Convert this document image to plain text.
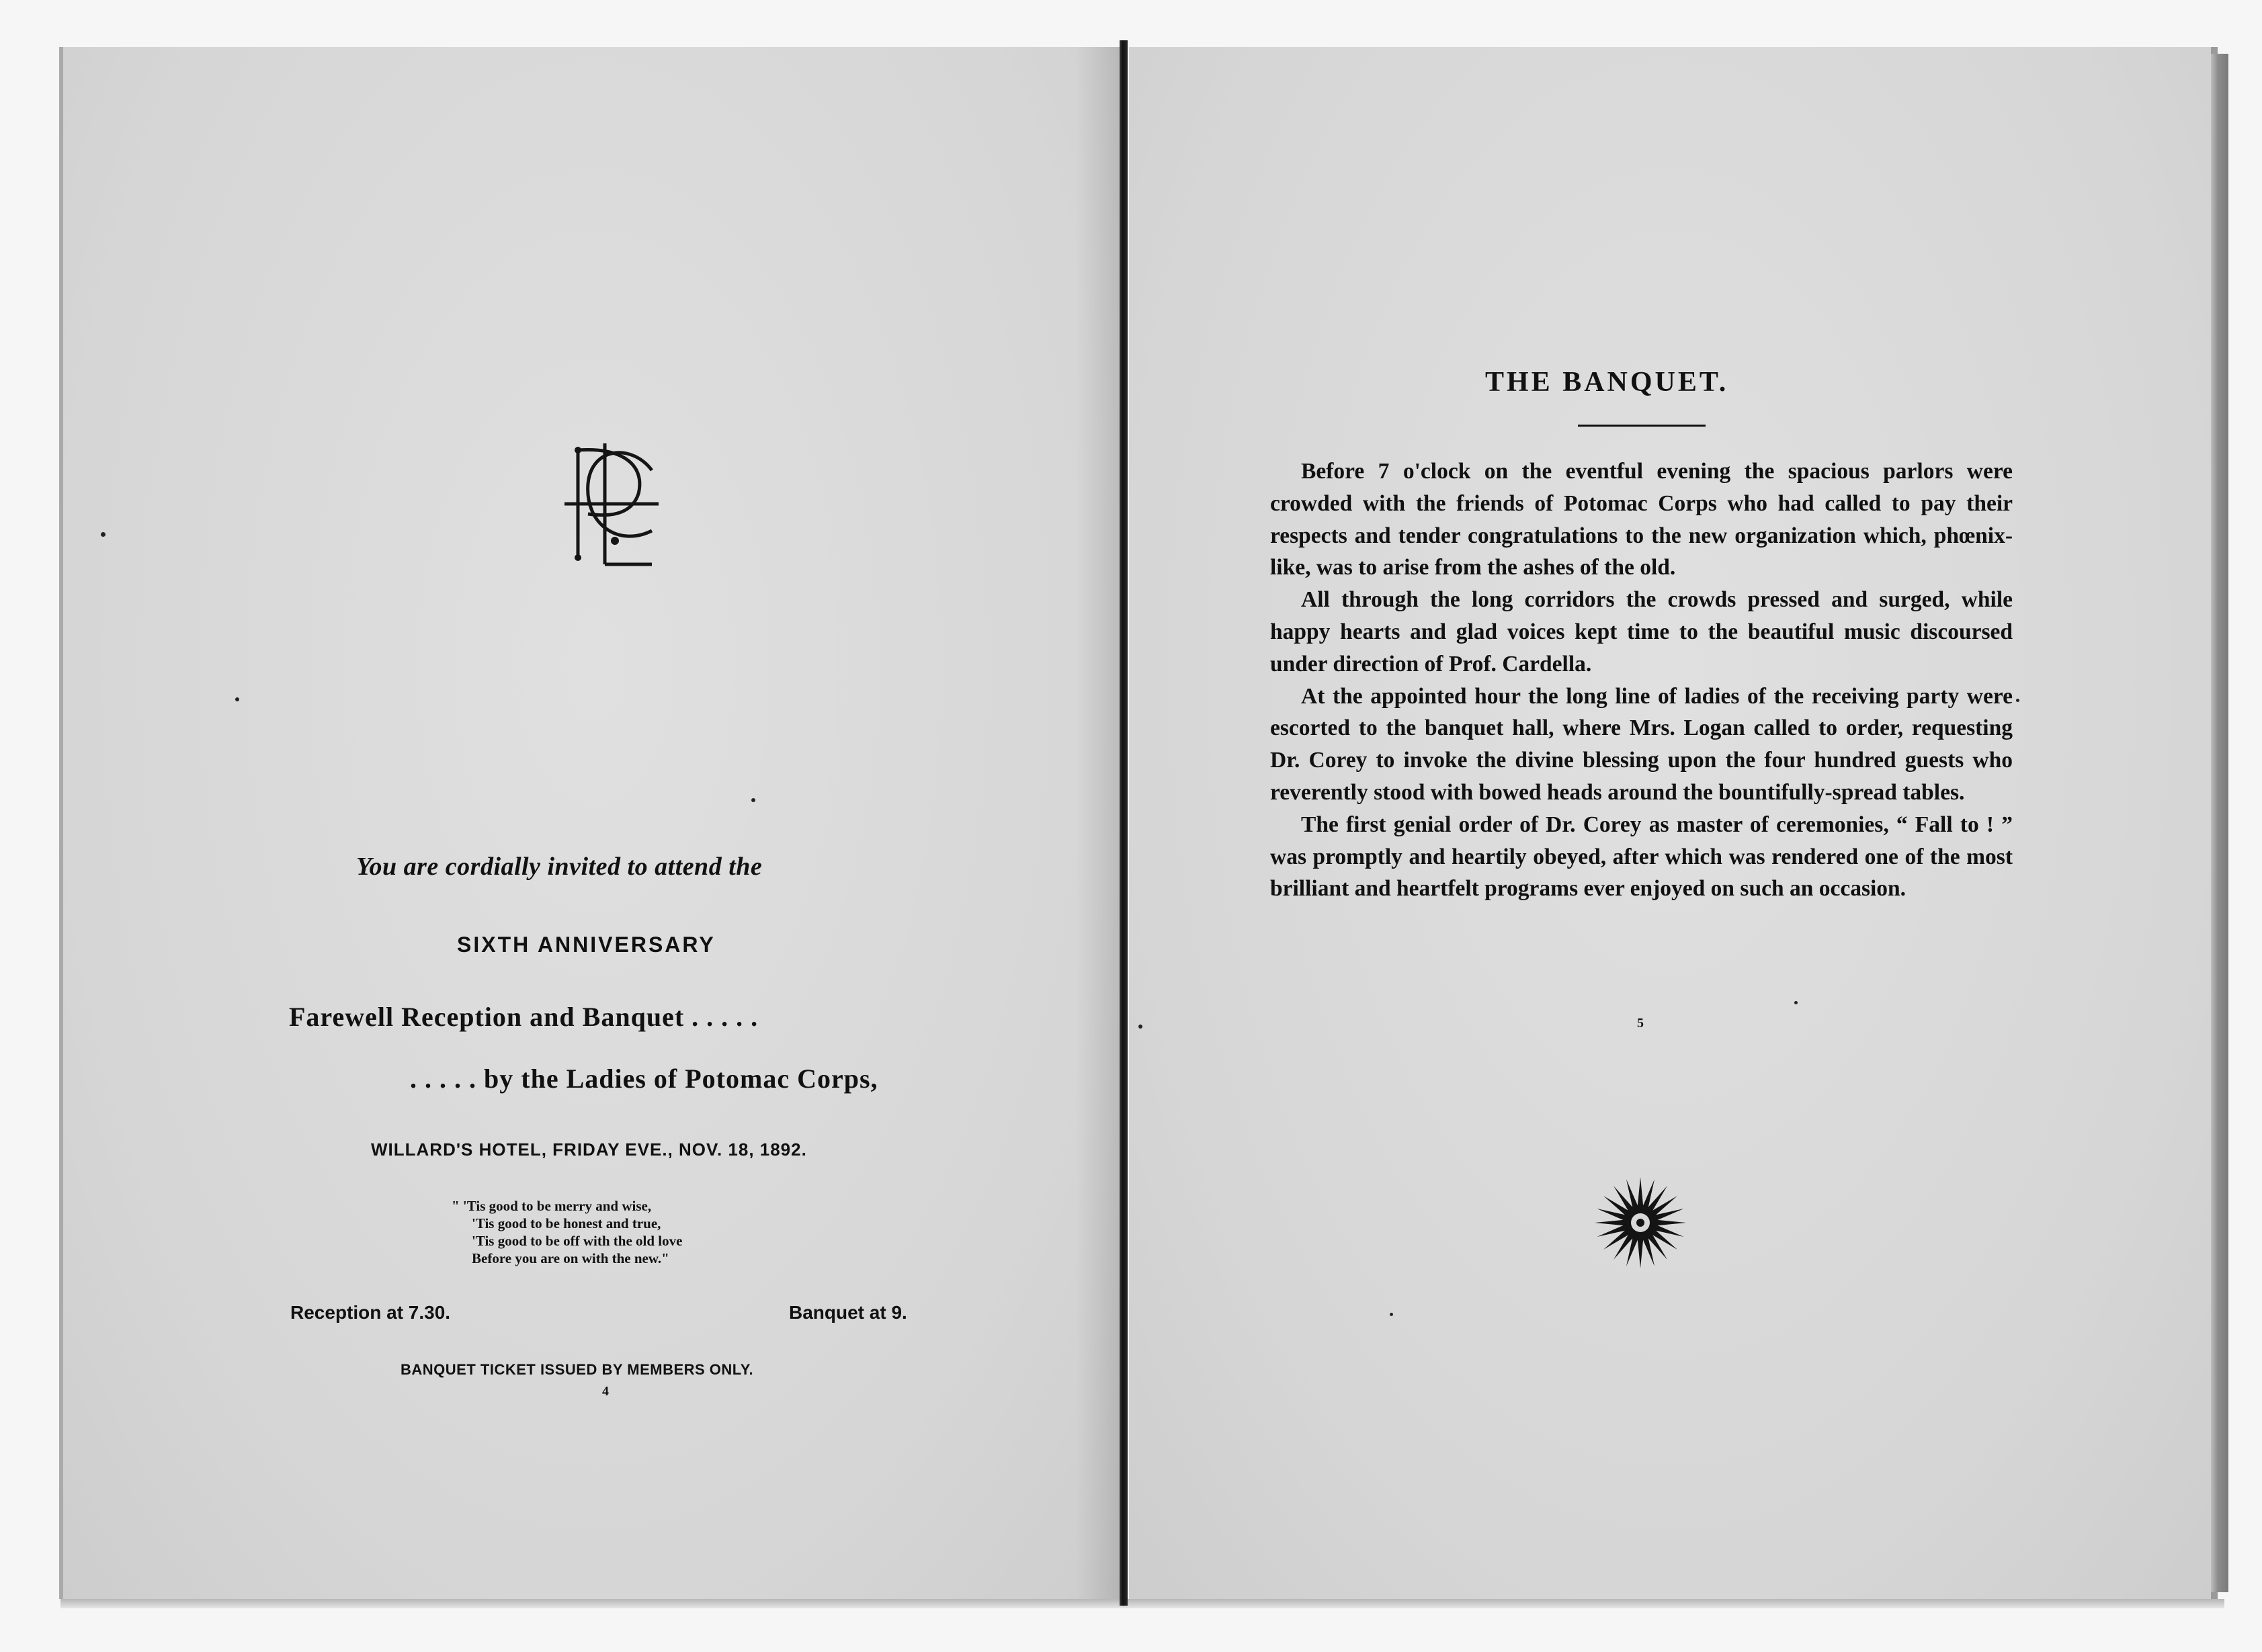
You are cordially invited to attend the
SIXTH ANNIVERSARY
Farewell Reception and Banquet . . . . .
. . . . . by the Ladies of Potomac Corps,
WILLARD'S HOTEL, FRIDAY EVE., NOV. 18, 1892.
" 'Tis good to be merry and wise,
'Tis good to be honest and true,
'Tis good to be off with the old love
Before you are on with the new."
Reception at 7.30.	Banquet at 9.
BANQUET TICKET ISSUED BY MEMBERS ONLY.
4
THE BANQUET.

Before 7 o'clock on the eventful evening the spacious parlors were crowded with the friends of Potomac Corps who had called to pay their respects and tender congratulations to the new organization which, phœnix-like, was to arise from the ashes of the old.

All through the long corridors the crowds pressed and surged, while happy hearts and glad voices kept time to the beautiful music discoursed under direction of Prof. Cardella.

At the appointed hour the long line of ladies of the receiving party were escorted to the banquet hall, where Mrs. Logan called to order, requesting Dr. Corey to invoke the divine blessing upon the four hundred guests who reverently stood with bowed heads around the bountifully-spread tables.

The first genial order of Dr. Corey as master of ceremonies, “ Fall to ! ” was promptly and heartily obeyed, after which was rendered one of the most brilliant and heartfelt programs ever enjoyed on such an occasion.

5
